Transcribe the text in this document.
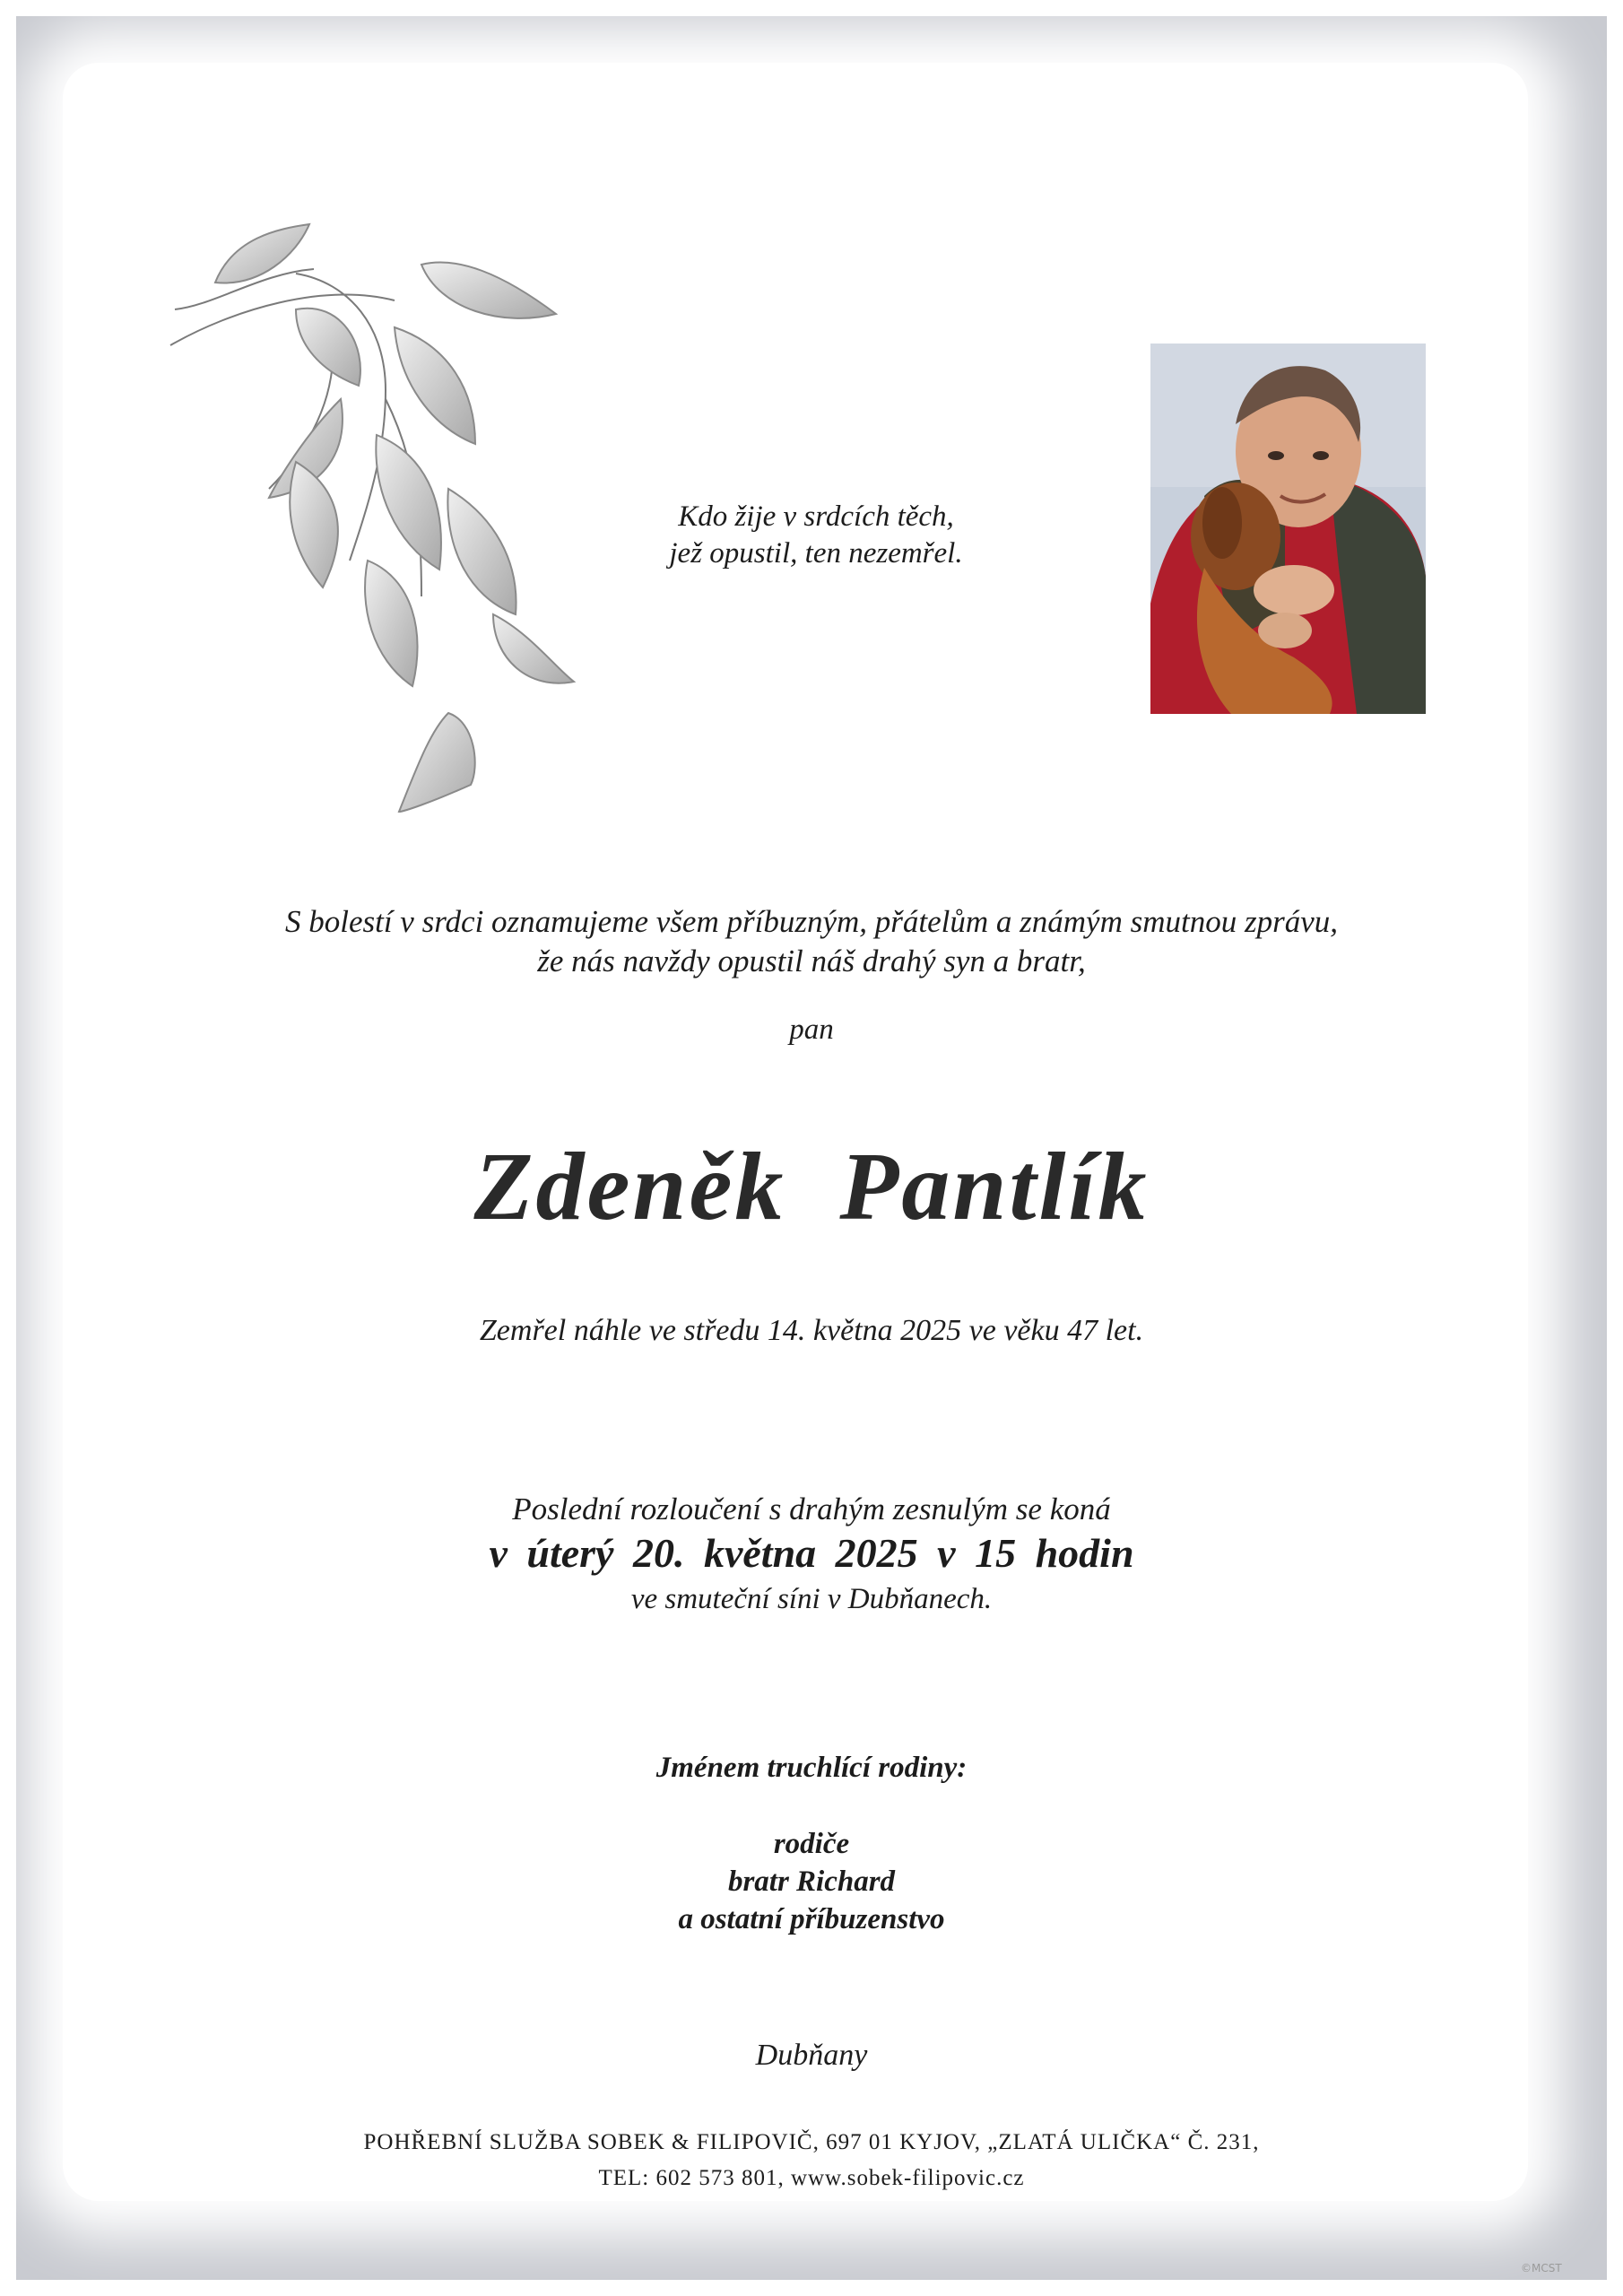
Kdo žije v srdcích těch,
jež opustil, ten nezemřel.
S bolestí v srdci oznamujeme všem příbuzným, přátelům a známým smutnou zprávu,
že nás navždy opustil náš drahý syn a bratr,
pan
Zdeněk  Pantlík
Zemřel náhle ve středu 14. května 2025 ve věku 47 let.
Poslední rozloučení s drahým zesnulým se koná
v úterý 20. května 2025 v 15 hodin
ve smuteční síni v Dubňanech.
Jménem truchlící rodiny:
rodiče
bratr Richard
a ostatní příbuzenstvo
Dubňany
POHŘEBNÍ SLUŽBA SOBEK & FILIPOVIČ, 697 01 KYJOV, „ZLATÁ ULIČKA“ Č. 231,
TEL: 602 573 801, www.sobek-filipovic.cz
©MCST
